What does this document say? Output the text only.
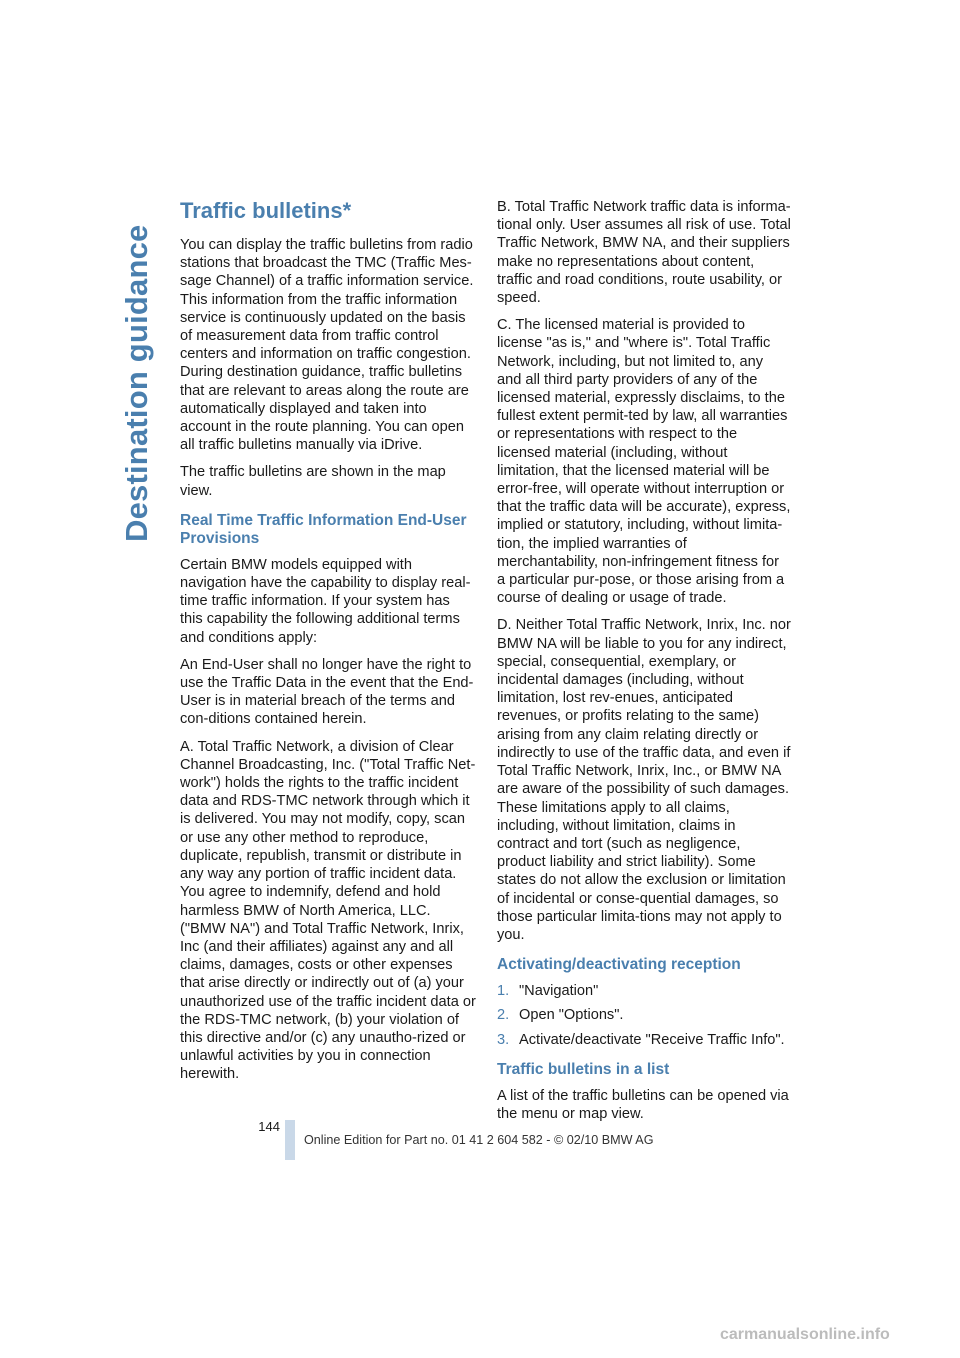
Destination guidance
Traffic bulletins*

You can display the traffic bulletins from radio stations that broadcast the TMC (Traffic Mes-sage Channel) of a traffic information service. This information from the traffic information service is continuously updated on the basis of measurement data from traffic control centers and information on traffic congestion.

During destination guidance, traffic bulletins that are relevant to areas along the route are automatically displayed and taken into account in the route planning. You can open all traffic bulletins manually via iDrive.

The traffic bulletins are shown in the map view.

Real Time Traffic Information End-User Provisions

Certain BMW models equipped with navigation have the capability to display real-time traffic information. If your system has this capability the following additional terms and conditions apply:

An End-User shall no longer have the right to use the Traffic Data in the event that the End-User is in material breach of the terms and con-ditions contained herein.

A. Total Traffic Network, a division of Clear Channel Broadcasting, Inc. ("Total Traffic Net-work") holds the rights to the traffic incident data and RDS-TMC network through which it is delivered. You may not modify, copy, scan or use any other method to reproduce, duplicate, republish, transmit or distribute in any way any portion of traffic incident data. You agree to indemnify, defend and hold harmless BMW of North America, LLC. ("BMW NA") and Total Traffic Network, Inrix, Inc (and their affiliates) against any and all claims, damages, costs or other expenses that arise directly or indirectly out of (a) your unauthorized use of the traffic incident data or the RDS-TMC network, (b) your violation of this directive and/or (c) any unautho-rized or unlawful activities by you in connection herewith.

B. Total Traffic Network traffic data is informa-tional only. User assumes all risk of use. Total Traffic Network, BMW NA, and their suppliers make no representations about content, traffic and road conditions, route usability, or speed.

C. The licensed material is provided to license "as is," and "where is". Total Traffic Network, including, but not limited to, any and all third party providers of any of the licensed material, expressly disclaims, to the fullest extent permit-ted by law, all warranties or representations with respect to the licensed material (including, without limitation, that the licensed material will be error-free, will operate without interruption or that the traffic data will be accurate), express, implied or statutory, including, without limita-tion, the implied warranties of merchantability, non-infringement fitness for a particular pur-pose, or those arising from a course of dealing or usage of trade.

D. Neither Total Traffic Network, Inrix, Inc. nor BMW NA will be liable to you for any indirect, special, consequential, exemplary, or incidental damages (including, without limitation, lost rev-enues, anticipated revenues, or profits relating to the same) arising from any claim relating directly or indirectly to use of the traffic data, and even if Total Traffic Network, Inrix, Inc., or BMW NA are aware of the possibility of such damages. These limitations apply to all claims, including, without limitation, claims in contract and tort (such as negligence, product liability and strict liability). Some states do not allow the exclusion or limitation of incidental or conse-quential damages, so those particular limita-tions may not apply to you.

Activating/deactivating reception
1. "Navigation"
2. Open "Options".
3. Activate/deactivate "Receive Traffic Info".
Traffic bulletins in a list

A list of the traffic bulletins can be opened via the menu or map view.

144
Online Edition for Part no. 01 41 2 604 582 - © 02/10 BMW AG
carmanualsonline.info
